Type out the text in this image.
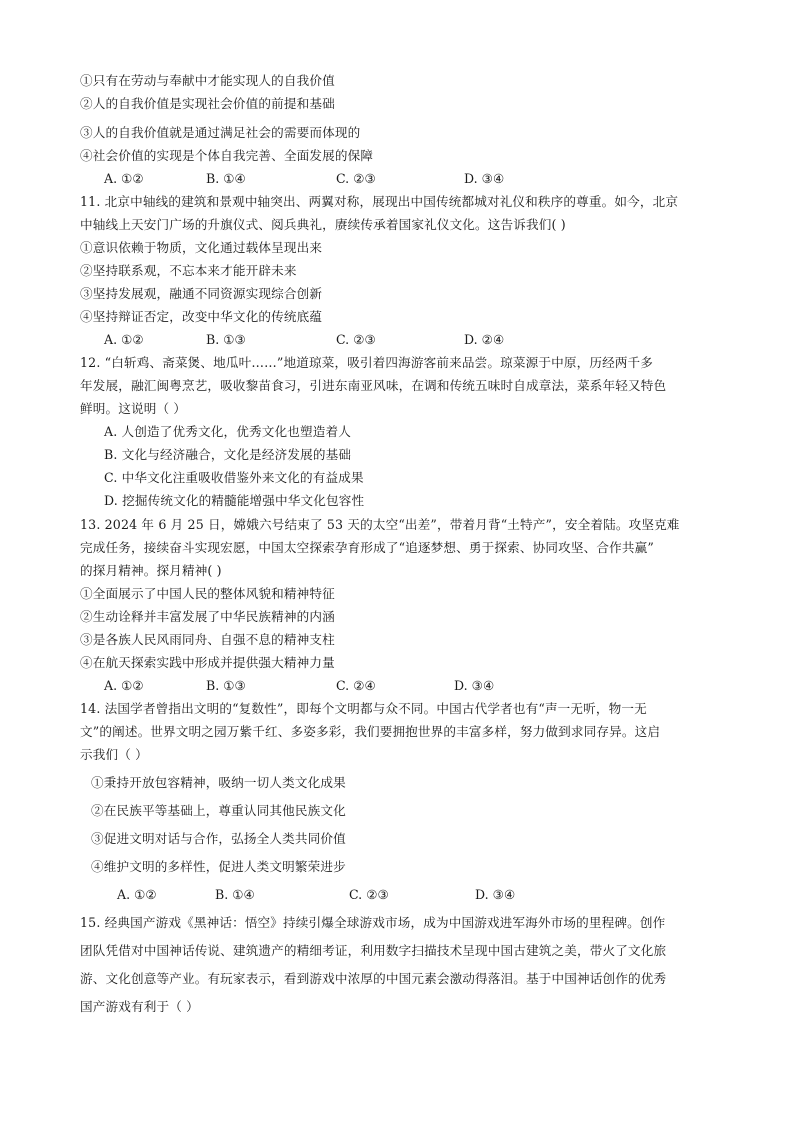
①只有在劳动与奉献中才能实现人的自我价值
②人的自我价值是实现社会价值的前提和基础
③人的自我价值就是通过满足社会的需要而体现的
④社会价值的实现是个体自我完善、全面发展的保障
A. ①②	B. ①④	C. ②③	D. ③④
11. 北京中轴线的建筑和景观中轴突出、两翼对称，展现出中国传统都城对礼仪和秩序的尊重。如今，北京
中轴线上天安门广场的升旗仪式、阅兵典礼，赓续传承着国家礼仪文化。这告诉我们( )
①意识依赖于物质，文化通过载体呈现出来
②坚持联系观，不忘本来才能开辟未来
③坚持发展观，融通不同资源实现综合创新
④坚持辩证否定，改变中华文化的传统底蕴
A. ①②	B. ①③	C. ②③	D. ②④
12. “白斩鸡、斋菜煲、地瓜叶……”地道琼菜，吸引着四海游客前来品尝。琼菜源于中原，历经两千多
年发展，融汇闽粤烹艺，吸收黎苗食习，引进东南亚风味，在调和传统五味时自成章法，菜系年轻又特色
鲜明。这说明（ ）
A. 人创造了优秀文化，优秀文化也塑造着人
B. 文化与经济融合，文化是经济发展的基础
C. 中华文化注重吸收借鉴外来文化的有益成果
D. 挖掘传统文化的精髓能增强中华文化包容性
13. 2024 年 6 月 25 日，嫦娥六号结束了 53 天的太空“出差”，带着月背“土特产”，安全着陆。攻坚克难
完成任务，接续奋斗实现宏愿，中国太空探索孕育形成了“追逐梦想、勇于探索、协同攻坚、合作共赢”
的探月精神。探月精神( )
①全面展示了中国人民的整体风貌和精神特征
②生动诠释并丰富发展了中华民族精神的内涵
③是各族人民风雨同舟、自强不息的精神支柱
④在航天探索实践中形成并提供强大精神力量
A. ①②	B. ①③	C. ②④	D. ③④
14. 法国学者曾指出文明的“复数性”，即每个文明都与众不同。中国古代学者也有“声一无听，物一无
文”的阐述。世界文明之园万紫千红、多姿多彩，我们要拥抱世界的丰富多样，努力做到求同存异。这启
示我们（ ）
①秉持开放包容精神，吸纳一切人类文化成果
②在民族平等基础上，尊重认同其他民族文化
③促进文明对话与合作，弘扬全人类共同价值
④维护文明的多样性，促进人类文明繁荣进步
A. ①②	B. ①④	C. ②③	D. ③④
15. 经典国产游戏《黑神话：悟空》持续引爆全球游戏市场，成为中国游戏进军海外市场的里程碑。创作
团队凭借对中国神话传说、建筑遗产的精细考证，利用数字扫描技术呈现中国古建筑之美，带火了文化旅
游、文化创意等产业。有玩家表示，看到游戏中浓厚的中国元素会激动得落泪。基于中国神话创作的优秀
国产游戏有利于（ ）
